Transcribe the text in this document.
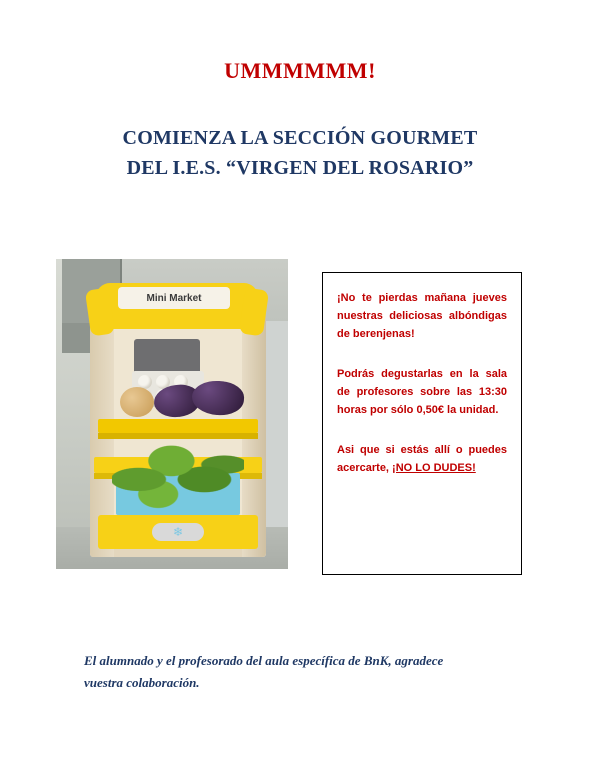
UMMMMMM!
COMIENZA LA SECCIÓN GOURMET
DEL I.E.S. “VIRGEN DEL ROSARIO”
Mini Market
❄

¡No te pierdas mañana jueves nuestras deliciosas albóndigas de berenjenas!

Podrás degustarlas en la sala de profesores sobre las 13:30 horas por sólo 0,50€ la unidad.

Asi que si estás allí o puedes acercarte, ¡NO LO DUDES!

El alumnado y el profesorado del aula específica de BnK, agradece
vuestra colaboración.
